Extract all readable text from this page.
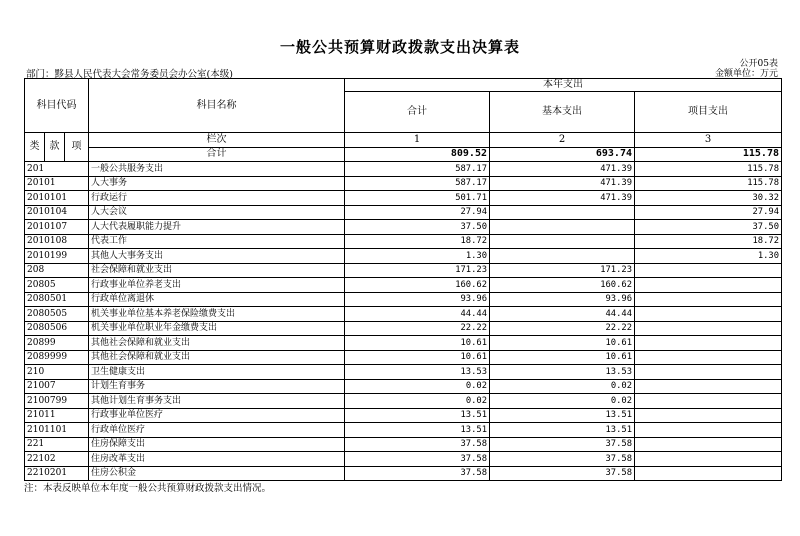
一般公共预算财政拨款支出决算表
公开05表
部门：黟县人民代表大会常务委员会办公室(本级)	金额单位：万元
科目代码			科目名称	本年支出		
				合计	基本支出	项目支出

类	款	项	栏次	1	2	3
			合计	809.52	693.74	115.78
201			一般公共服务支出	587.17	471.39	115.78
20101			人大事务	587.17	471.39	115.78
2010101			行政运行	501.71	471.39	30.32
2010104			人大会议	27.94		27.94
2010107			人大代表履职能力提升	37.50		37.50
2010108			代表工作	18.72		18.72
2010199			其他人大事务支出	1.30		1.30
208			社会保障和就业支出	171.23	171.23	
20805			行政事业单位养老支出	160.62	160.62	
2080501			行政单位离退休	93.96	93.96	
2080505			机关事业单位基本养老保险缴费支出	44.44	44.44	
2080506			机关事业单位职业年金缴费支出	22.22	22.22	
20899			其他社会保障和就业支出	10.61	10.61	
2089999			其他社会保障和就业支出	10.61	10.61	
210			卫生健康支出	13.53	13.53	
21007			计划生育事务	0.02	0.02	
2100799			其他计划生育事务支出	0.02	0.02	
21011			行政事业单位医疗	13.51	13.51	
2101101			行政单位医疗	13.51	13.51	
221			住房保障支出	37.58	37.58	
22102			住房改革支出	37.58	37.58	
2210201			住房公积金	37.58	37.58	
注：本表反映单位本年度一般公共预算财政拨款支出情况。
